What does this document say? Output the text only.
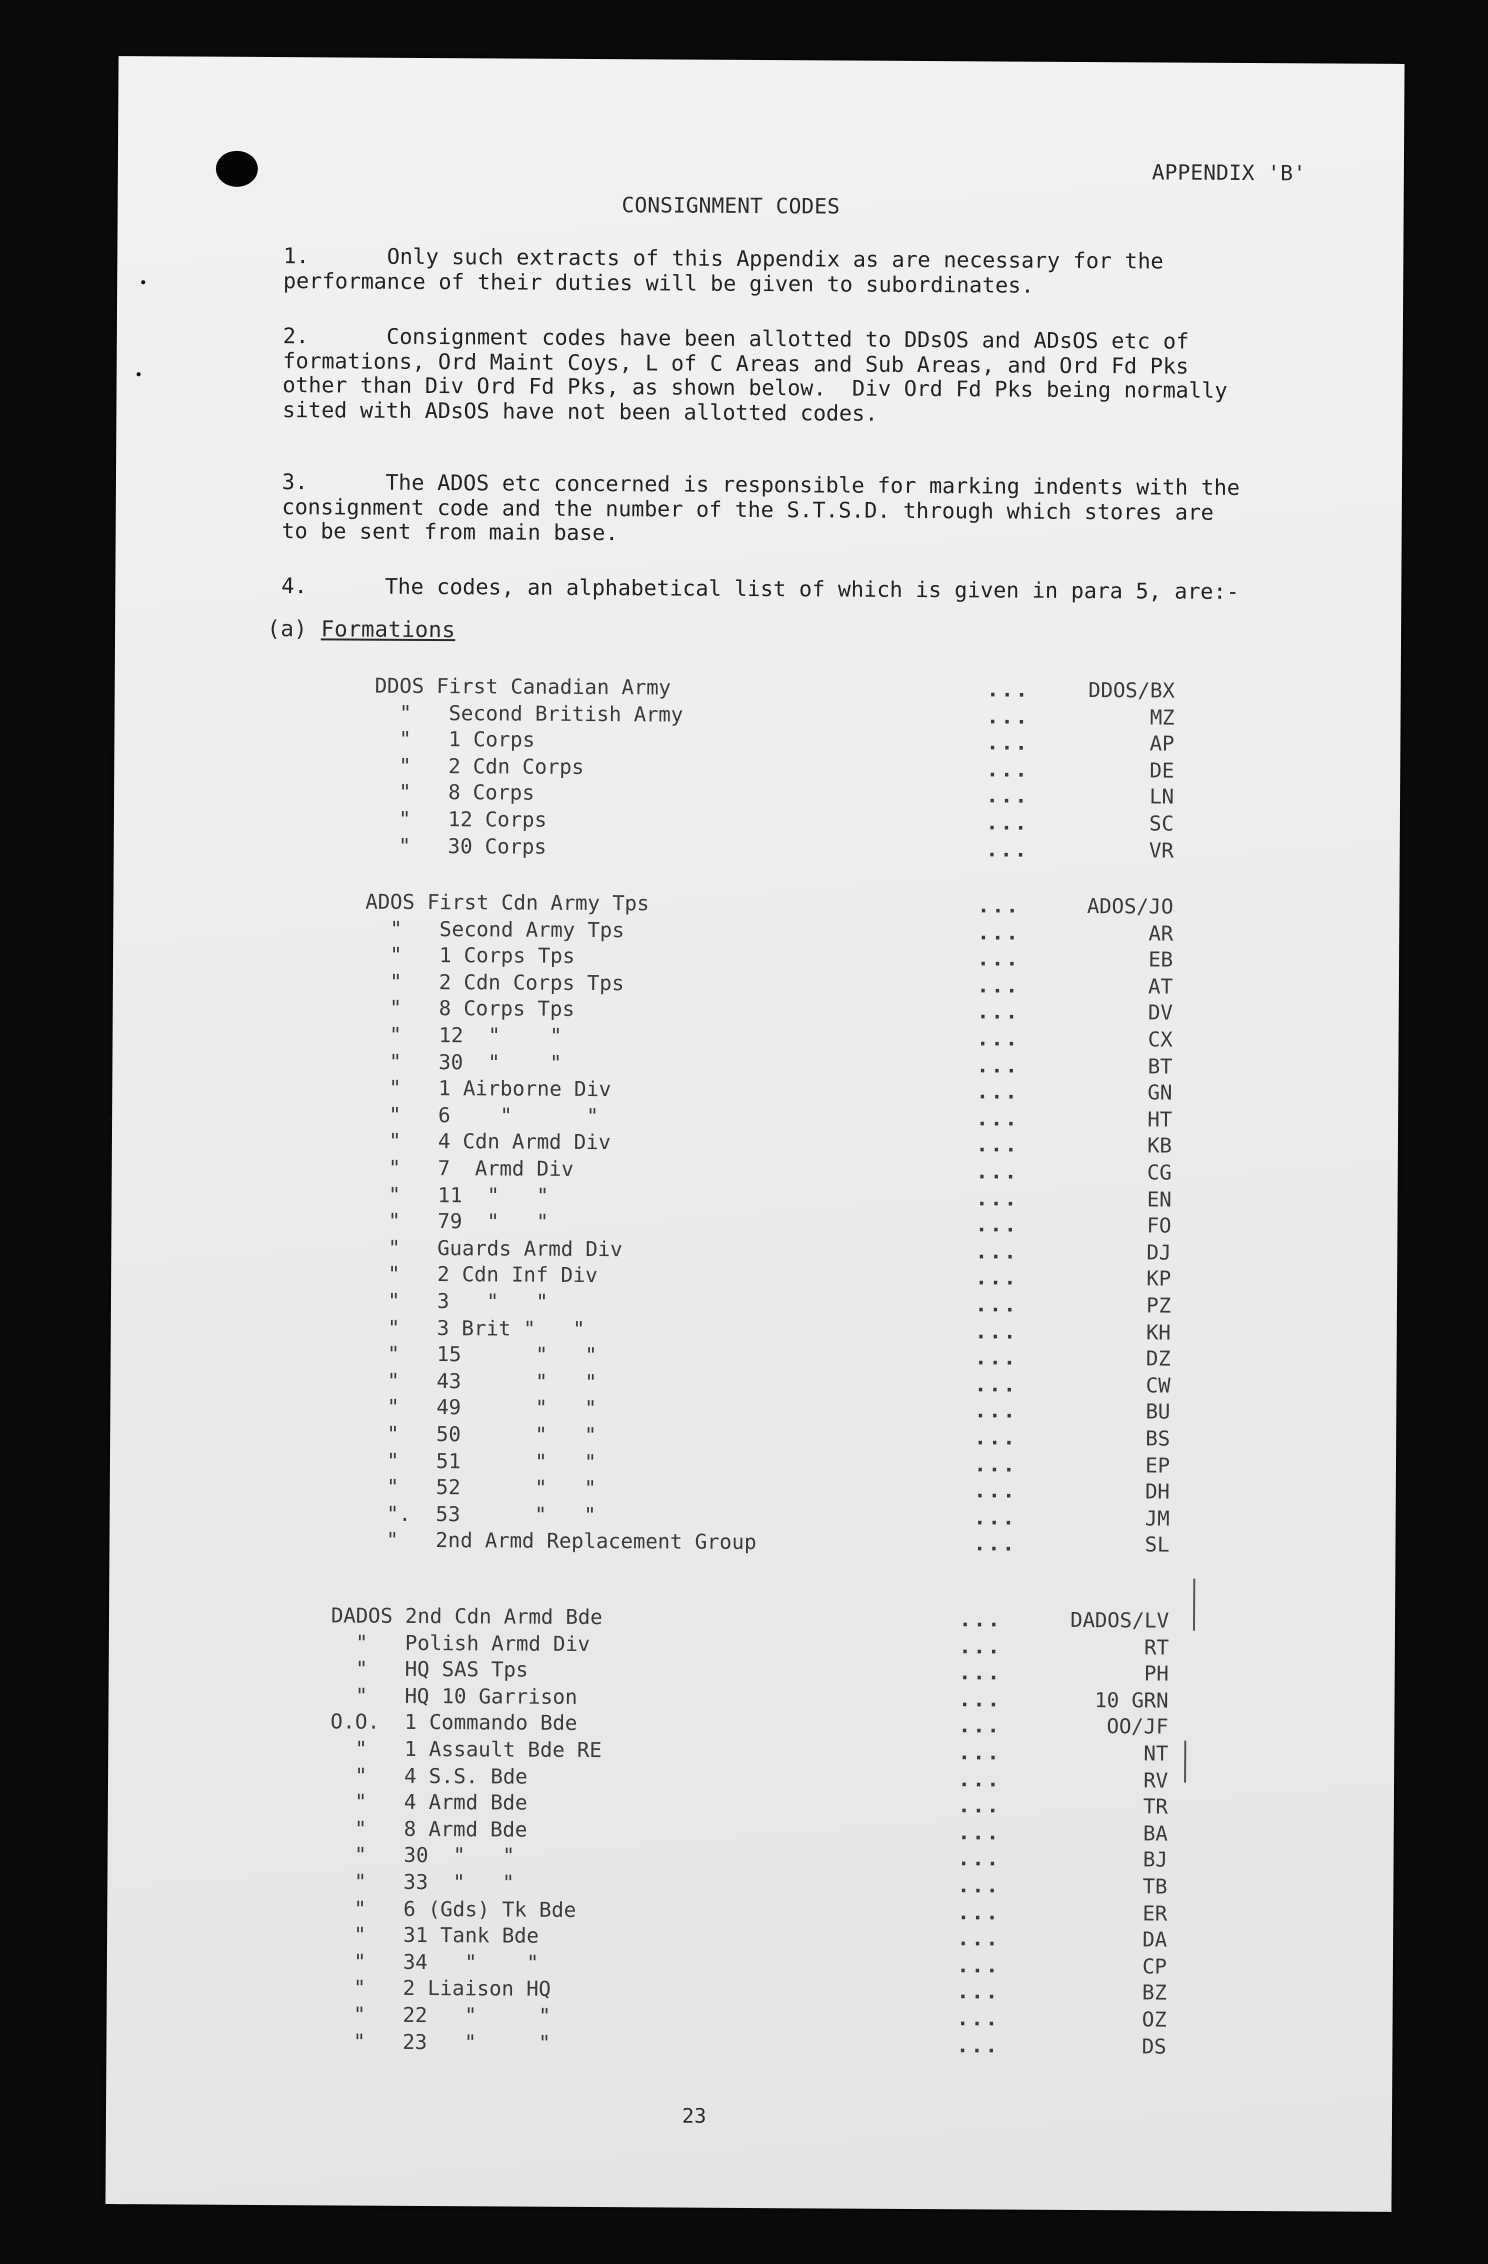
APPENDIX 'B'
CONSIGNMENT CODES
1.      Only such extracts of this Appendix as are necessary for the
performance of their duties will be given to subordinates.
2.      Consignment codes have been allotted to DDsOS and ADsOS etc of
formations, Ord Maint Coys, L of C Areas and Sub Areas, and Ord Fd Pks
other than Div Ord Fd Pks, as shown below.  Div Ord Fd Pks being normally
sited with ADsOS have not been allotted codes.
3.      The ADOS etc concerned is responsible for marking indents with the
consignment code and the number of the S.T.S.D. through which stores are
to be sent from main base.
4.      The codes, an alphabetical list of which is given in para 5, are:-
(a) Formations
DDOS First Canadian Army	...	DDOS/BX
"   Second British Army	...	MZ
"   1 Corps	...	AP
"   2 Cdn Corps	...	DE
"   8 Corps	...	LN
"   12 Corps	...	SC
"   30 Corps	...	VR
ADOS First Cdn Army Tps	...	ADOS/JO
"   Second Army Tps	...	AR
"   1 Corps Tps	...	EB
"   2 Cdn Corps Tps	...	AT
"   8 Corps Tps	...	DV
"   12  "    "	...	CX
"   30  "    "	...	BT
"   1 Airborne Div	...	GN
"   6    "      "	...	HT
"   4 Cdn Armd Div	...	KB
"   7  Armd Div	...	CG
"   11  "   "	...	EN
"   79  "   "	...	FO
"   Guards Armd Div	...	DJ
"   2 Cdn Inf Div	...	KP
"   3   "   "	...	PZ
"   3 Brit "   "	...	KH
"   15      "   "	...	DZ
"   43      "   "	...	CW
"   49      "   "	...	BU
"   50      "   "	...	BS
"   51      "   "	...	EP
"   52      "   "	...	DH
".  53      "   "	...	JM
"   2nd Armd Replacement Group	...	SL
DADOS 2nd Cdn Armd Bde	...	DADOS/LV
"   Polish Armd Div	...	RT
"   HQ SAS Tps	...	PH
"   HQ 10 Garrison	...	10 GRN
O.O.  1 Commando Bde	...	OO/JF
"   1 Assault Bde RE	...	NT
"   4 S.S. Bde	...	RV
"   4 Armd Bde	...	TR
"   8 Armd Bde	...	BA
"   30  "   "	...	BJ
"   33  "   "	...	TB
"   6 (Gds) Tk Bde	...	ER
"   31 Tank Bde	...	DA
"   34   "    "	...	CP
"   2 Liaison HQ	...	BZ
"   22   "     "	...	OZ
"   23   "     "	...	DS
23
